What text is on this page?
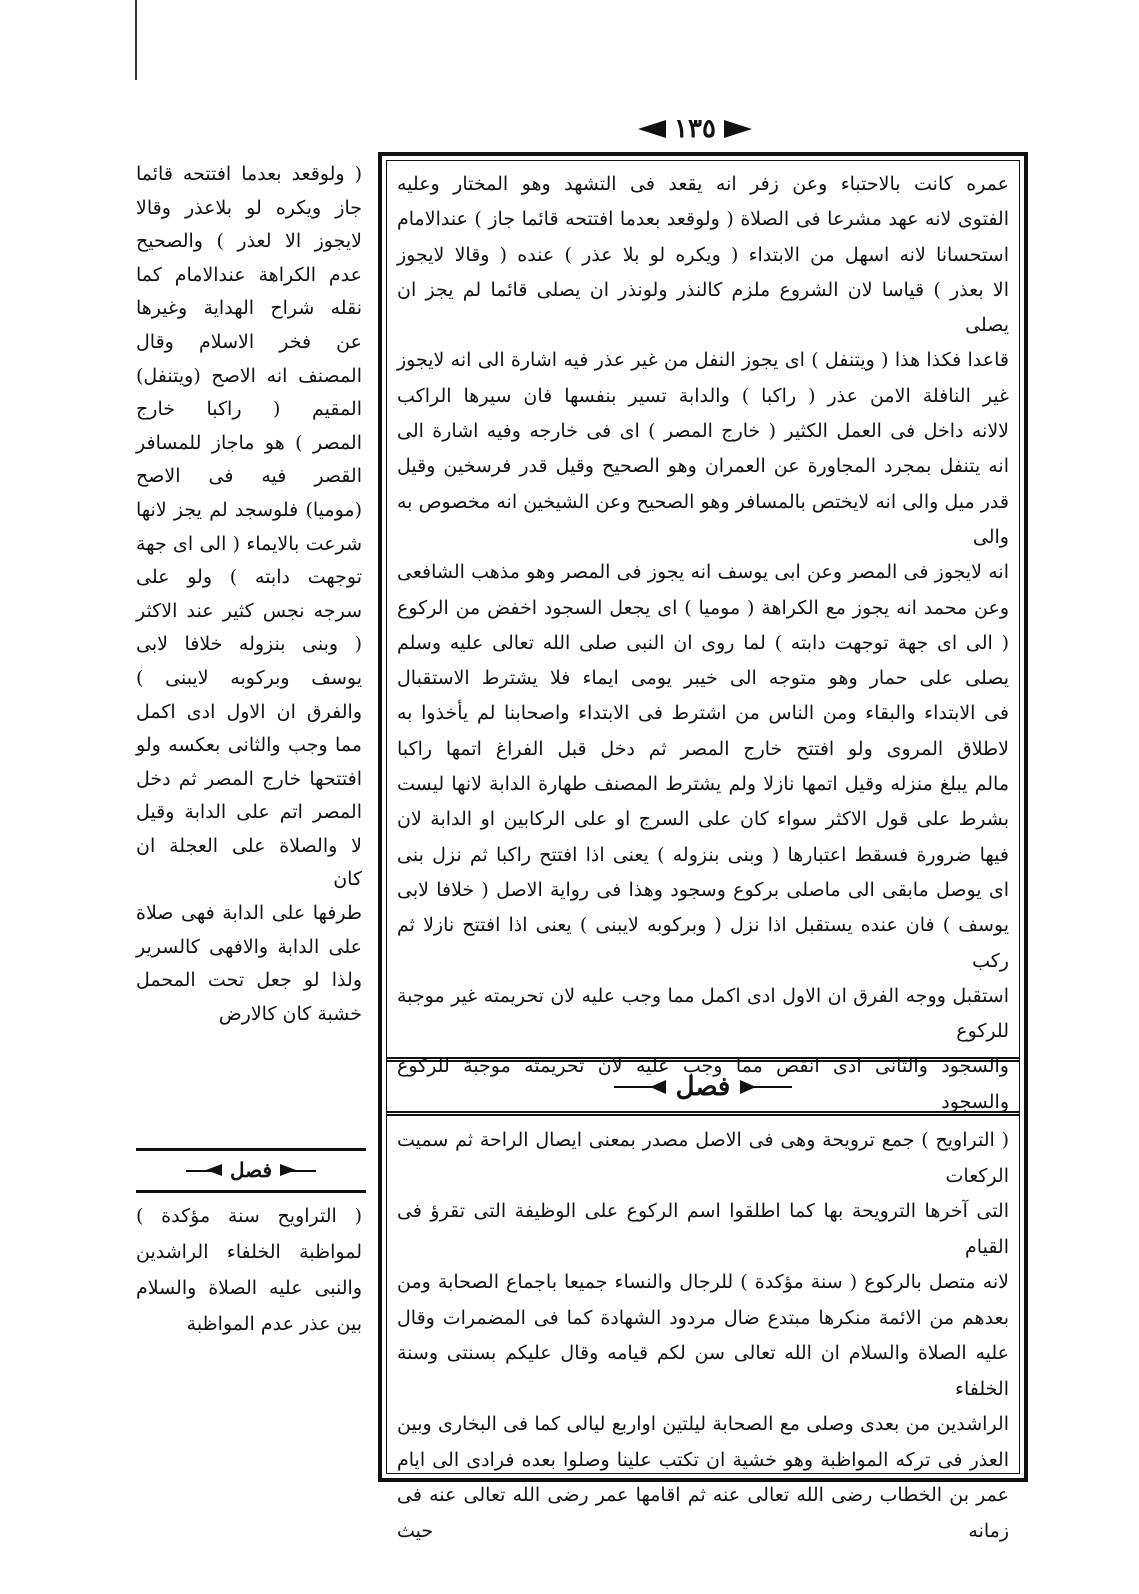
١٣٥

عمره كانت بالاحتباء وعن زفر انه يقعد فى التشهد وهو المختار وعليه

الفتوى لانه عهد مشرعا فى الصلاة ( ولوقعد بعدما افتتحه قائما جاز ) عندالامام

استحسانا لانه اسهل من الابتداء ( ويكره لو بلا عذر ) عنده ( وقالا لايجوز

الا بعذر ) قياسا لان الشروع ملزم كالنذر ولونذر ان يصلى قائما لم يجز ان يصلى

قاعدا فكذا هذا ( ويتنفل ) اى يجوز النفل من غير عذر فيه اشارة الى انه لايجوز

غير النافلة الامن عذر ( راكبا ) والدابة تسير بنفسها فان سيرها الراكب

لالانه داخل فى العمل الكثير ( خارج المصر ) اى فى خارجه وفيه اشارة الى

انه يتنفل بمجرد المجاورة عن العمران وهو الصحيح وقيل قدر فرسخين وقيل

قدر ميل والى انه لايختص بالمسافر وهو الصحيح وعن الشيخين انه مخصوص به والى

انه لايجوز فى المصر وعن ابى يوسف انه يجوز فى المصر وهو مذهب الشافعى

وعن محمد انه يجوز مع الكراهة ( موميا ) اى يجعل السجود اخفض من الركوع

( الى اى جهة توجهت دابته ) لما روى ان النبى صلى الله تعالى عليه وسلم

يصلى على حمار وهو متوجه الى خيبر يومى ايماء فلا يشترط الاستقبال

فى الابتداء والبقاء ومن الناس من اشترط فى الابتداء واصحابنا لم يأخذوا به

لاطلاق المروى ولو افتتح خارج المصر ثم دخل قبل الفراغ اتمها راكبا

مالم يبلغ منزله وقيل اتمها نازلا ولم يشترط المصنف طهارة الدابة لانها ليست

بشرط على قول الاكثر سواء كان على السرج او على الركابين او الدابة لان

فيها ضرورة فسقط اعتبارها ( وبنى بنزوله ) يعنى اذا افتتح راكبا ثم نزل بنى

اى يوصل مابقى الى ماصلى بركوع وسجود وهذا فى رواية الاصل ( خلافا لابى

يوسف ) فان عنده يستقبل اذا نزل ( وبركوبه لايبنى ) يعنى اذا افتتح نازلا ثم ركب

استقبل ووجه الفرق ان الاول ادى اكمل مما وجب عليه لان تحريمته غير موجبة للركوع

والسجود والثانى ادى انقص مما وجب عليه لان تحريمته موجبة للركوع والسجود

فصل

( التراويح ) جمع ترويحة وهى فى الاصل مصدر بمعنى ايصال الراحة ثم سميت الركعات

التى آخرها الترويحة بها كما اطلقوا اسم الركوع على الوظيفة التى تقرؤ فى القيام

لانه متصل بالركوع ( سنة مؤكدة ) للرجال والنساء جميعا باجماع الصحابة ومن

بعدهم من الائمة منكرها مبتدع ضال مردود الشهادة كما فى المضمرات وقال

عليه الصلاة والسلام ان الله تعالى سن لكم قيامه وقال عليكم بسنتى وسنة الخلفاء

الراشدين من بعدى وصلى مع الصحابة ليلتين اواربع ليالى كما فى البخارى وبين

العذر فى تركه المواظبة وهو خشية ان تكتب علينا وصلوا بعده فرادى الى ايام

عمر بن الخطاب رضى الله تعالى عنه ثم اقامها عمر رضى الله تعالى عنه فى زمانه حيث

( ولوقعد بعدما افتتحه قائما

جاز ويكره لو بلاعذر وقالا

لايجوز الا لعذر ) والصحيح

عدم الكراهة عندالامام كما

نقله شراح الهداية وغيرها

عن فخر الاسلام وقال

المصنف انه الاصح (ويتنفل)

المقيم ( راكبا خارج

المصر ) هو ماجاز للمسافر

القصر فيه فى الاصح

(موميا) فلوسجد لم يجز لانها

شرعت بالايماء ( الى اى جهة

توجهت دابته ) ولو على

سرجه نجس كثير عند الاكثر

( وبنى بنزوله خلافا لابى

يوسف وبركوبه لايبنى )

والفرق ان الاول ادى اكمل

مما وجب والثانى بعكسه ولو

افتتحها خارج المصر ثم دخل

المصر اتم على الدابة وقيل

لا والصلاة على العجلة ان كان

طرفها على الدابة فهى صلاة

على الدابة والافهى كالسرير

ولذا لو جعل تحت المحمل

خشبة كان كالارض

فصل

( التراويح سنة مؤكدة )

لمواظبة الخلفاء الراشدين

والنبى عليه الصلاة والسلام

بين عذر عدم المواظبة
